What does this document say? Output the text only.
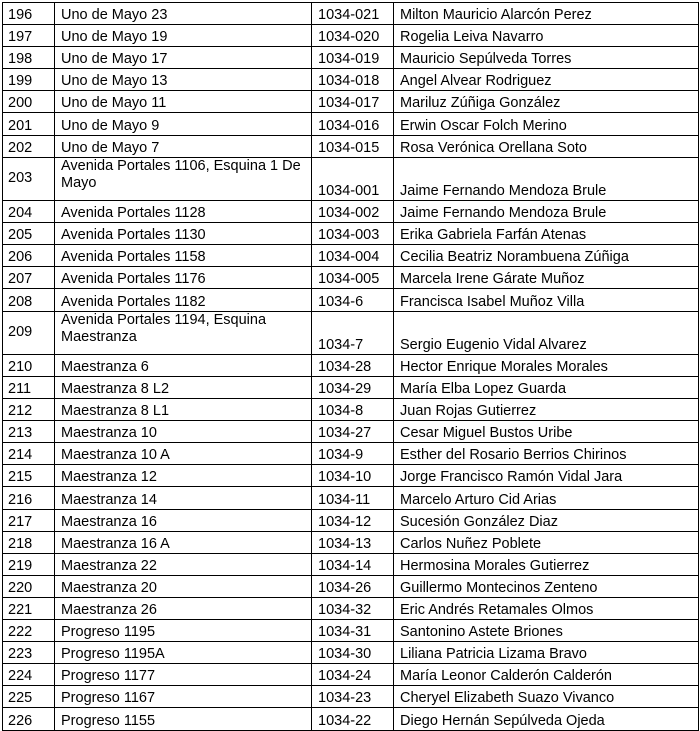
196	Uno de Mayo 23	1034-021	Milton Mauricio Alarcón Perez
197	Uno de Mayo 19	1034-020	Rogelia Leiva Navarro
198	Uno de Mayo 17	1034-019	Mauricio Sepúlveda Torres
199	Uno de Mayo 13	1034-018	Angel Alvear Rodriguez
200	Uno de Mayo 11	1034-017	Mariluz Zúñiga González
201	Uno de Mayo 9	1034-016	Erwin Oscar Folch Merino
202	Uno de Mayo 7	1034-015	Rosa Verónica Orellana Soto
203	Avenida Portales 1106, Esquina 1 De Mayo	1034-001	Jaime Fernando Mendoza Brule
204	Avenida Portales 1128	1034-002	Jaime Fernando Mendoza Brule
205	Avenida Portales 1130	1034-003	Erika Gabriela Farfán Atenas
206	Avenida Portales 1158	1034-004	Cecilia Beatriz Norambuena Zúñiga
207	Avenida Portales 1176	1034-005	Marcela Irene Gárate Muñoz
208	Avenida Portales 1182	1034-6	Francisca Isabel Muñoz Villa
209	Avenida Portales 1194, Esquina Maestranza	1034-7	Sergio Eugenio Vidal Alvarez
210	Maestranza 6	1034-28	Hector Enrique Morales Morales
211	Maestranza 8 L2	1034-29	María Elba Lopez Guarda
212	Maestranza 8 L1	1034-8	Juan Rojas Gutierrez
213	Maestranza 10	1034-27	Cesar Miguel Bustos Uribe
214	Maestranza 10 A	1034-9	Esther del Rosario Berrios Chirinos
215	Maestranza 12	1034-10	Jorge Francisco Ramón Vidal Jara
216	Maestranza 14	1034-11	Marcelo Arturo Cid Arias
217	Maestranza 16	1034-12	Sucesión González Diaz
218	Maestranza 16 A	1034-13	Carlos Nuñez Poblete
219	Maestranza 22	1034-14	Hermosina Morales Gutierrez
220	Maestranza 20	1034-26	Guillermo Montecinos Zenteno
221	Maestranza 26	1034-32	Eric Andrés Retamales Olmos
222	Progreso 1195	1034-31	Santonino Astete Briones
223	Progreso 1195A	1034-30	Liliana Patricia Lizama Bravo
224	Progreso 1177	1034-24	María Leonor Calderón Calderón
225	Progreso 1167	1034-23	Cheryel Elizabeth Suazo Vivanco
226	Progreso 1155	1034-22	Diego Hernán Sepúlveda Ojeda
